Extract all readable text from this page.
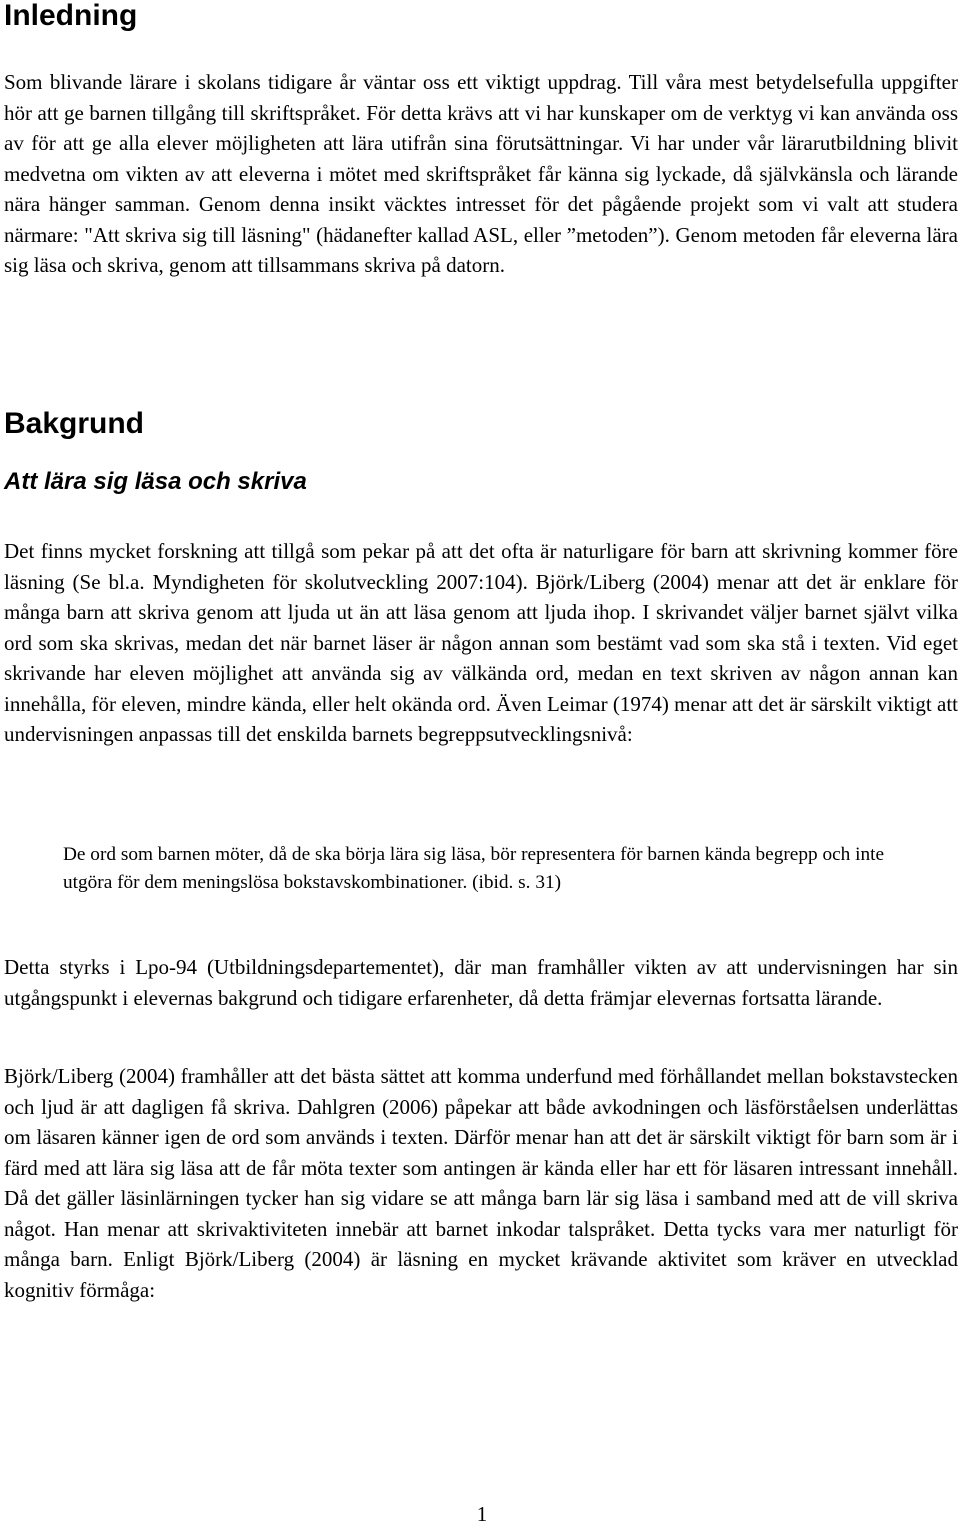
Inledning

Som blivande lärare i skolans tidigare år väntar oss ett viktigt uppdrag. Till våra mest betydelsefulla uppgifter hör att ge barnen tillgång till skriftspråket. För detta krävs att vi har kunskaper om de verktyg vi kan använda oss av för att ge alla elever möjligheten att lära utifrån sina förutsättningar. Vi har under vår lärarutbildning blivit medvetna om vikten av att eleverna i mötet med skriftspråket får känna sig lyckade, då självkänsla och lärande nära hänger samman. Genom denna insikt väcktes intresset för det pågående projekt som vi valt att studera närmare: "Att skriva sig till läsning" (hädanefter kallad ASL, eller ”metoden”). Genom metoden får eleverna lära sig läsa och skriva, genom att tillsammans skriva på datorn.

Bakgrund
Att lära sig läsa och skriva

Det finns mycket forskning att tillgå som pekar på att det ofta är naturligare för barn att skrivning kommer före läsning (Se bl.a. Myndigheten för skolutveckling 2007:104). Björk/Liberg (2004) menar att det är enklare för många barn att skriva genom att ljuda ut än att läsa genom att ljuda ihop. I skrivandet väljer barnet självt vilka ord som ska skrivas, medan det när barnet läser är någon annan som bestämt vad som ska stå i texten. Vid eget skrivande har eleven möjlighet att använda sig av välkända ord, medan en text skriven av någon annan kan innehålla, för eleven, mindre kända, eller helt okända ord. Även Leimar (1974) menar att det är särskilt viktigt att undervisningen anpassas till det enskilda barnets begreppsutvecklingsnivå:

De ord som barnen möter, då de ska börja lära sig läsa, bör representera för barnen kända begrepp och inte utgöra för dem meningslösa bokstavskombinationer. (ibid. s. 31)

Detta styrks i Lpo-94 (Utbildningsdepartementet), där man framhåller vikten av att undervisningen har sin utgångspunkt i elevernas bakgrund och tidigare erfarenheter, då detta främjar elevernas fortsatta lärande.

Björk/Liberg (2004) framhåller att det bästa sättet att komma underfund med förhållandet mellan bokstavstecken och ljud är att dagligen få skriva. Dahlgren (2006) påpekar att både avkodningen och läsförståelsen underlättas om läsaren känner igen de ord som används i texten. Därför menar han att det är särskilt viktigt för barn som är i färd med att lära sig läsa att de får möta texter som antingen är kända eller har ett för läsaren intressant innehåll. Då det gäller läsinlärningen tycker han sig vidare se att många barn lär sig läsa i samband med att de vill skriva något. Han menar att skrivaktiviteten innebär att barnet inkodar talspråket. Detta tycks vara mer naturligt för många barn. Enligt Björk/Liberg (2004) är läsning en mycket krävande aktivitet som kräver en utvecklad kognitiv förmåga:

1
